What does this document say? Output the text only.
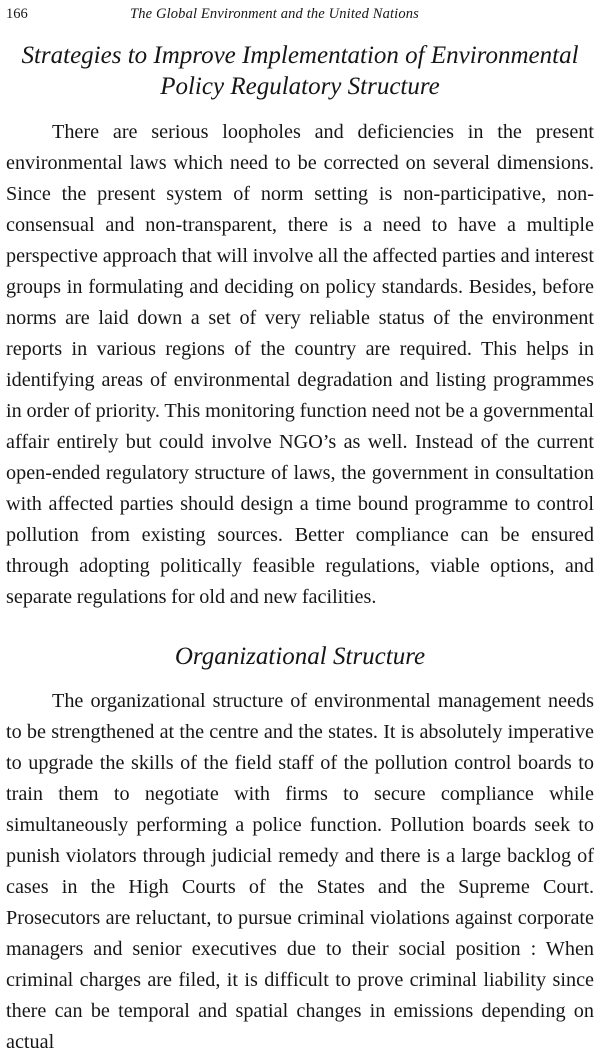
166	The Global Environment and the United Nations
Strategies to Improve Implementation of Environmental Policy Regulatory Structure

There are serious loopholes and deficiencies in the present environmental laws which need to be corrected on several dimensions. Since the present system of norm setting is non-participative, non-consensual and non-transparent, there is a need to have a multiple perspective approach that will involve all the affected parties and interest groups in formulating and deciding on policy standards. Besides, before norms are laid down a set of very reliable status of the environment reports in various regions of the country are required. This helps in identifying areas of environmental degradation and listing programmes in order of priority. This monitoring function need not be a governmental affair entirely but could involve NGO’s as well. Instead of the current open-ended regulatory structure of laws, the government in consultation with affected parties should design a time bound programme to control pollution from existing sources. Better compliance can be ensured through adopting politically feasible regulations, viable options, and separate regulations for old and new facilities.

Organizational Structure

The organizational structure of environmental management needs to be strengthened at the centre and the states. It is absolutely imperative to upgrade the skills of the field staff of the pollution control boards to train them to negotiate with firms to secure compliance while simultaneously performing a police function. Pollution boards seek to punish violators through judicial remedy and there is a large backlog of cases in the High Courts of the States and the Supreme Court. Prosecutors are reluctant, to pursue criminal violations against corporate managers and senior executives due to their social position : When criminal charges are filed, it is difficult to prove criminal liability since there can be temporal and spatial changes in emissions depending on actual
